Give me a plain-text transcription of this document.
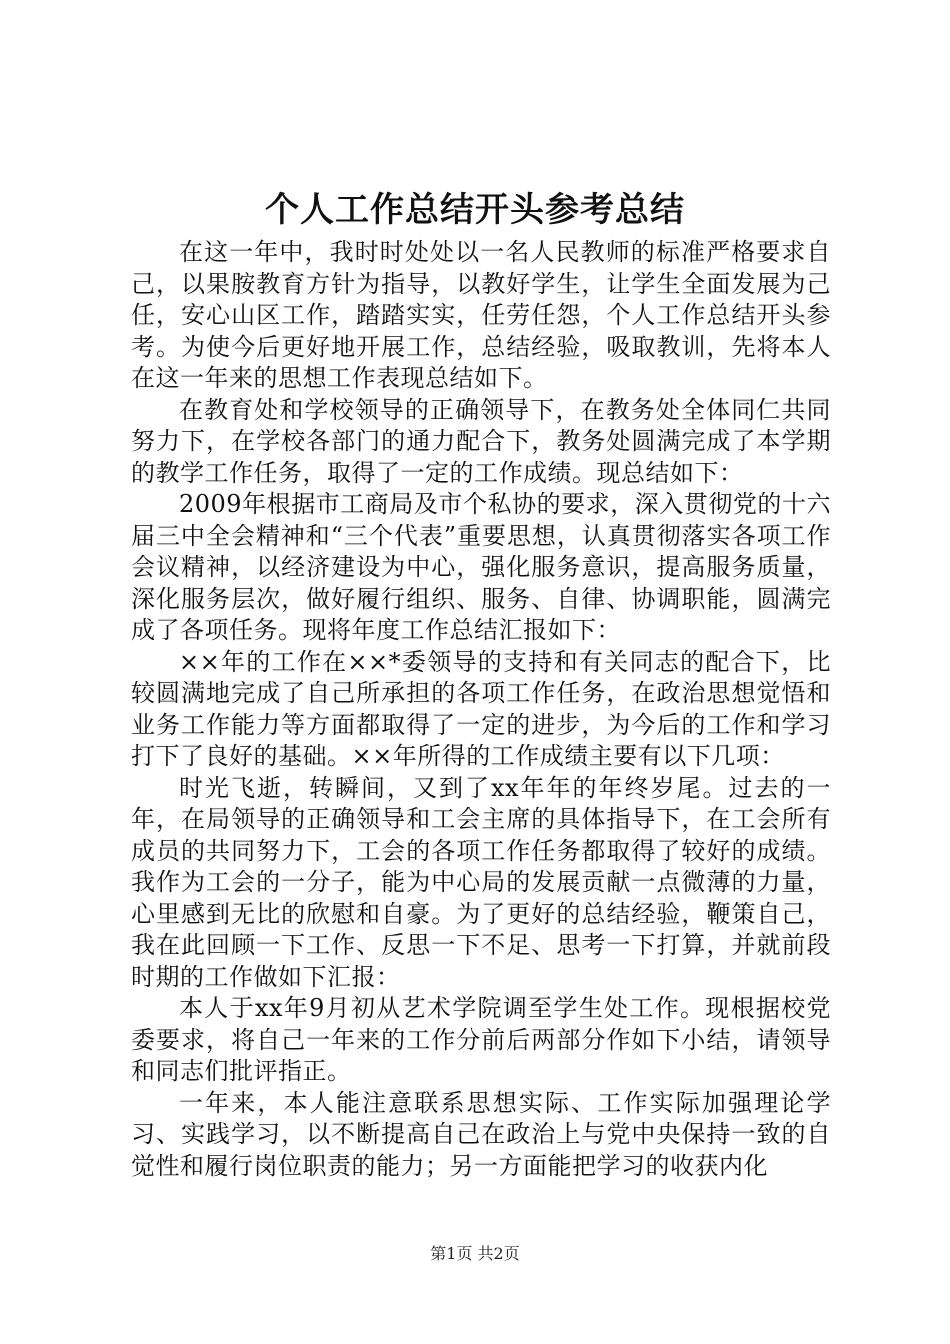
个人工作总结开头参考总结

在这一年中，我时时处处以一名人民教师的标准严格要求自己，以果胺教育方针为指导，以教好学生，让学生全面发展为己任，安心山区工作，踏踏实实，任劳任怨，个人工作总结开头参考。为使今后更好地开展工作，总结经验，吸取教训，先将本人在这一年来的思想工作表现总结如下。

在教育处和学校领导的正确领导下，在教务处全体同仁共同努力下，在学校各部门的通力配合下，教务处圆满完成了本学期的教学工作任务，取得了一定的工作成绩。现总结如下：

2009年根据市工商局及市个私协的要求，深入贯彻党的十六届三中全会精神和“三个代表”重要思想，认真贯彻落实各项工作会议精神，以经济建设为中心，强化服务意识，提高服务质量，深化服务层次，做好履行组织、服务、自律、协调职能，圆满完成了各项任务。现将年度工作总结汇报如下：

××年的工作在××*委领导的支持和有关同志的配合下，比较圆满地完成了自己所承担的各项工作任务，在政治思想觉悟和业务工作能力等方面都取得了一定的进步，为今后的工作和学习打下了良好的基础。××年所得的工作成绩主要有以下几项：

时光飞逝，转瞬间，又到了xx年年的年终岁尾。过去的一年，在局领导的正确领导和工会主席的具体指导下，在工会所有成员的共同努力下，工会的各项工作任务都取得了较好的成绩。我作为工会的一分子，能为中心局的发展贡献一点微薄的力量，心里感到无比的欣慰和自豪。为了更好的总结经验，鞭策自己，我在此回顾一下工作、反思一下不足、思考一下打算，并就前段时期的工作做如下汇报：

本人于xx年9月初从艺术学院调至学生处工作。现根据校党委要求，将自己一年来的工作分前后两部分作如下小结，请领导和同志们批评指正。

一年来，本人能注意联系思想实际、工作实际加强理论学习、实践学习，以不断提高自己在政治上与党中央保持一致的自觉性和履行岗位职责的能力；另一方面能把学习的收获内化

第1页 共2页
